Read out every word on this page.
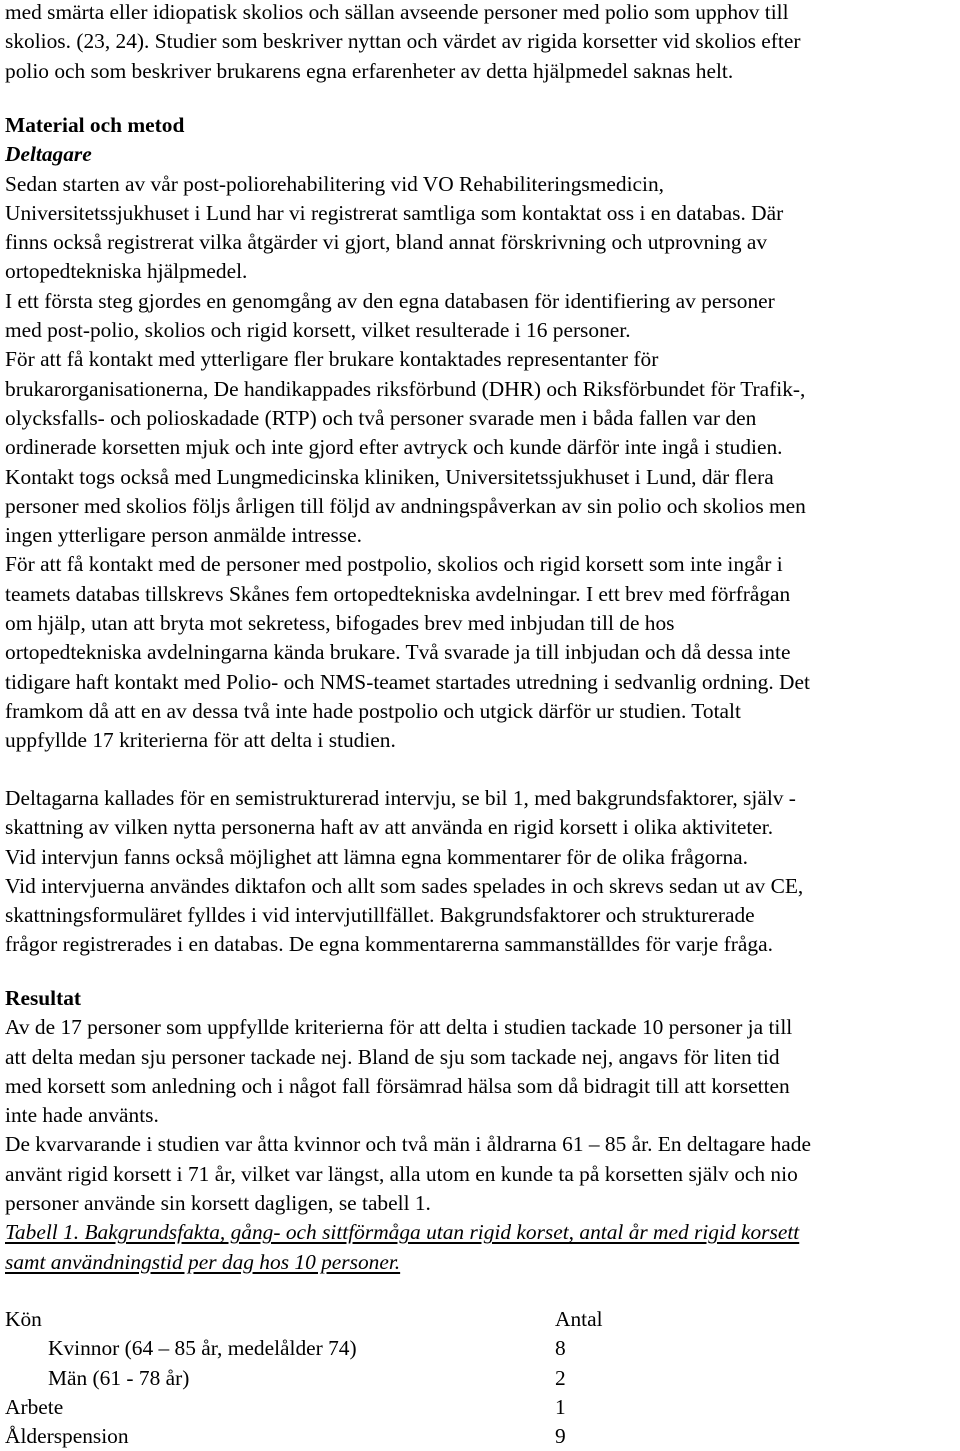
med smärta eller idiopatisk skolios och sällan avseende personer med polio som upphov till
skolios. (23, 24). Studier som beskriver nyttan och värdet av rigida korsetter vid skolios efter
polio och som beskriver brukarens egna erfarenheter av detta hjälpmedel saknas helt.
Material och metod
Deltagare
Sedan starten av vår post-poliorehabilitering vid VO Rehabiliteringsmedicin,
Universitetssjukhuset i Lund har vi registrerat samtliga som kontaktat oss i en databas. Där
finns också registrerat vilka åtgärder vi gjort, bland annat förskrivning och utprovning av
ortopedtekniska hjälpmedel.
I ett första steg gjordes en genomgång av den egna databasen för identifiering av personer
med post-polio, skolios och rigid korsett, vilket resulterade i 16 personer.
För att få kontakt med ytterligare fler brukare kontaktades representanter för
brukarorganisationerna, De handikappades riksförbund (DHR) och Riksförbundet för Trafik-,
olycksfalls- och polioskadade (RTP) och två personer svarade men i båda fallen var den
ordinerade korsetten mjuk och inte gjord efter avtryck och kunde därför inte ingå i studien.
Kontakt togs också med Lungmedicinska kliniken, Universitetssjukhuset i Lund, där flera
personer med skolios följs årligen till följd av andningspåverkan av sin polio och skolios men
ingen ytterligare person anmälde intresse.
För att få kontakt med de personer med postpolio, skolios och rigid korsett som inte ingår i
teamets databas tillskrevs Skånes fem ortopedtekniska avdelningar. I ett brev med förfrågan
om hjälp, utan att bryta mot sekretess, bifogades brev med inbjudan till de hos
ortopedtekniska avdelningarna kända brukare. Två svarade ja till inbjudan och då dessa inte
tidigare haft kontakt med Polio- och NMS-teamet startades utredning i sedvanlig ordning. Det
framkom då att en av dessa två inte hade postpolio och utgick därför ur studien. Totalt
uppfyllde 17 kriterierna för att delta i studien.
Deltagarna kallades för en semistrukturerad intervju, se bil 1, med bakgrundsfaktorer, själv -
skattning av vilken nytta personerna haft av att använda en rigid korsett i olika aktiviteter.
Vid intervjun fanns också möjlighet att lämna egna kommentarer för de olika frågorna.
Vid intervjuerna användes diktafon och allt som sades spelades in och skrevs sedan ut av CE,
skattningsformuläret fylldes i vid intervjutillfället. Bakgrundsfaktorer och strukturerade
frågor registrerades i en databas. De egna kommentarerna sammanställdes för varje fråga.
Resultat
Av de 17 personer som uppfyllde kriterierna för att delta i studien tackade 10 personer ja till
att delta medan sju personer tackade nej. Bland de sju som tackade nej, angavs för liten tid
med korsett som anledning och i något fall försämrad hälsa som då bidragit till att korsetten
inte hade använts.
De kvarvarande i studien var åtta kvinnor och två män i åldrarna 61 – 85 år. En deltagare hade
använt rigid korsett i 71 år, vilket var längst, alla utom en kunde ta på korsetten själv och nio
personer använde sin korsett dagligen, se tabell 1.
Tabell 1. Bakgrundsfakta, gång- och sittförmåga utan rigid korset, antal år med rigid korsett
samt användningstid per dag hos 10 personer.
Kön	Antal
Kvinnor (64 – 85 år, medelålder 74)	8
Män (61 - 78 år)	2
Arbete	1
Ålderspension	9
